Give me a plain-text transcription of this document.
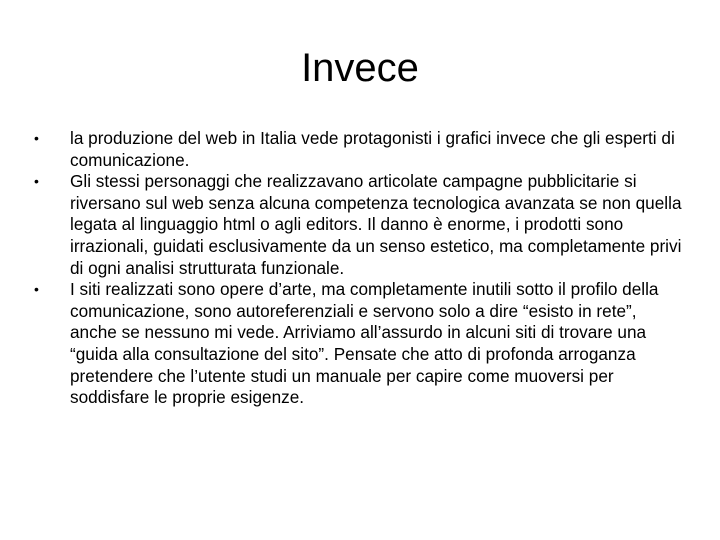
Invece
•	la produzione del web in Italia vede protagonisti i grafici invece che gli esperti di comunicazione.
•	Gli stessi personaggi che realizzavano articolate campagne pubblicitarie si riversano sul web senza alcuna competenza tecnologica avanzata se non quella legata al linguaggio html o agli editors. Il danno è enorme, i prodotti sono irrazionali, guidati esclusivamente da un senso estetico, ma completamente privi di ogni analisi strutturata funzionale.
•	I siti realizzati sono opere d’arte, ma completamente inutili sotto il profilo della comunicazione, sono autoreferenziali e servono solo a dire “esisto in rete”, anche se nessuno mi vede. Arriviamo all’assurdo in alcuni siti di trovare una “guida alla consultazione del sito”. Pensate che atto di profonda arroganza pretendere che l’utente studi un manuale per capire come muoversi per soddisfare le proprie esigenze.
